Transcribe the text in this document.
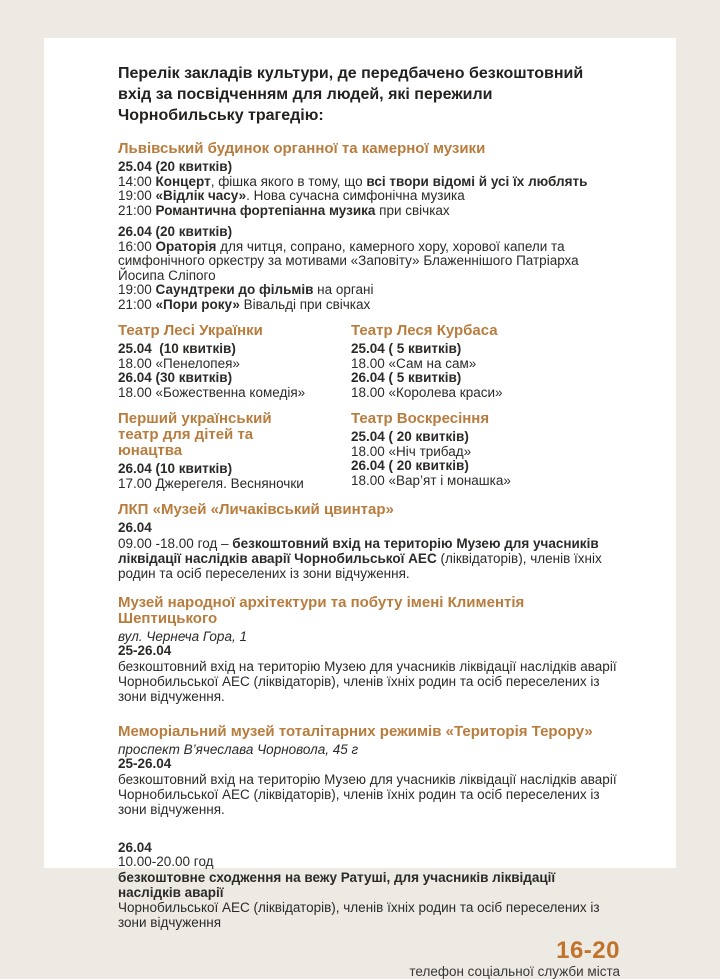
Перелік закладів культури, де передбачено безкоштовний вхід за посвідченням для людей, які пережили Чорнобильську трагедію:
Львівський будинок органної та камерної музики

25.04 (20 квитків)

14:00 Концерт, фішка якого в тому, що всі твори відомі й усі їх люблять

19:00 «Відлік часу». Нова сучасна симфонічна музика

21:00 Романтична фортепіанна музика при свічках

26.04 (20 квитків)

16:00 Ораторія для читця, сопрано, камерного хору, хорової капели та симфонічного оркестру за мотивами «Заповіту» Блаженнішого Патріарха Йосипа Сліпого

19:00 Саундтреки до фільмів на органі

21:00 «Пори року» Вівальді при свічках

Театр Лесі Українки

25.04  (10 квитків)

18.00 «Пенелопея»

26.04 (30 квитків)

18.00 «Божественна комедія»

Театр Леся Курбаса

25.04 ( 5 квитків)

18.00 «Сам на сам»

26.04 ( 5 квитків)

18.00 «Королева краси»

Перший український театр для дітей та юнацтва

26.04 (10 квитків)

17.00 Джерегеля. Весняночки

Театр Воскресіння

25.04 ( 20 квитків)

18.00 «Ніч трибад»

26.04 ( 20 квитків)

18.00 «Вар’ят і монашка»

ЛКП «Музей «Личаківський цвинтар»

26.04

09.00 -18.00 год – безкоштовний вхід на територію Музею для учасників ліквідації наслідків аварії Чорнобильської АЕС (ліквідаторів), членів їхніх родин та осіб переселених із зони відчуження.

Музей народної архітектури та побуту імені Климентія Шептицького

вул. Чернеча Гора, 1

25-26.04

безкоштовний вхід на територію Музею для учасників ліквідації наслідків аварії Чорнобильської АЕС (ліквідаторів), членів їхніх родин та осіб переселених із зони відчуження.

Меморіальний музей тоталітарних режимів «Територія Терору»

проспект В’ячеслава Чорновола, 45 г

25-26.04

безкоштовний вхід на територію Музею для учасників ліквідації наслідків аварії Чорнобильської АЕС (ліквідаторів), членів їхніх родин та осіб переселених із зони відчуження.

26.04

10.00-20.00 год

безкоштовне сходження на вежу Ратуші, для учасників ліквідації наслідків аварії

Чорнобильської АЕС (ліквідаторів), членів їхніх родин та осіб переселених із зони відчуження

16-20
телефон соціальної служби міста
